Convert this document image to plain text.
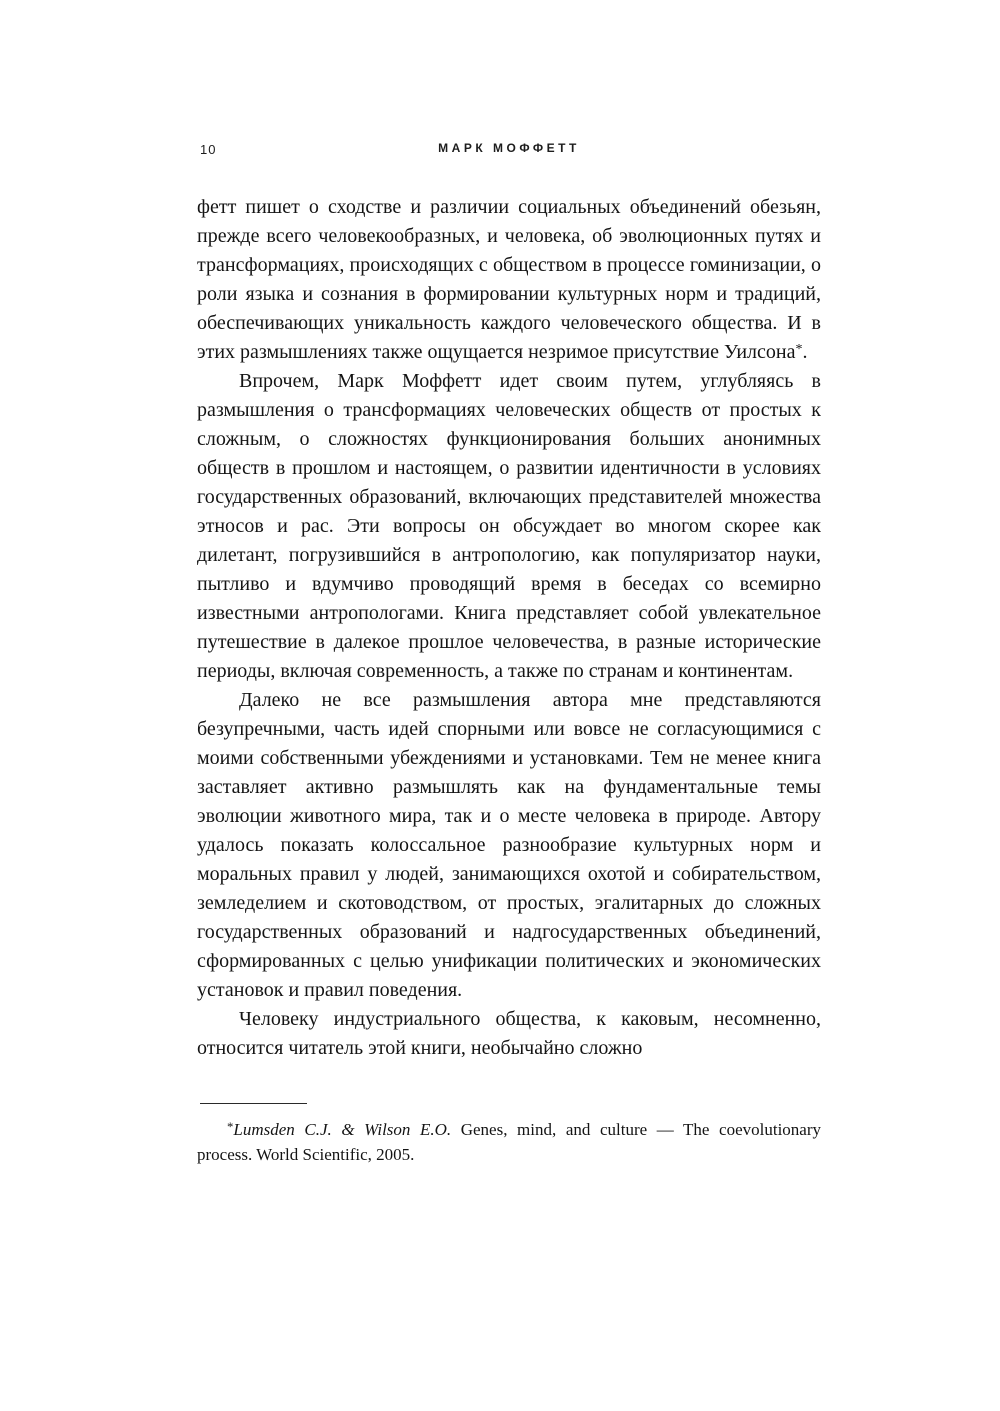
10	МАРК МОФФЕТТ

фетт пишет о сходстве и различии социальных объединений обезьян, прежде всего человекообразных, и человека, об эволюционных путях и трансформациях, происходящих с обществом в процессе гоминизации, о роли языка и сознания в формировании культурных норм и традиций, обеспечивающих уникальность каждого человеческого общества. И в этих размышлениях также ощущается незримое присутствие Уилсона*.

Впрочем, Марк Моффетт идет своим путем, углубляясь в размышления о трансформациях человеческих обществ от простых к сложным, о сложностях функционирования больших анонимных обществ в прошлом и настоящем, о развитии идентичности в условиях государственных образований, включающих представителей множества этносов и рас. Эти вопросы он обсуждает во многом скорее как дилетант, погрузившийся в антропологию, как популяризатор науки, пытливо и вдумчиво проводящий время в беседах со всемирно известными антропологами. Книга представляет собой увлекательное путешествие в далекое прошлое человечества, в разные исторические периоды, включая современность, а также по странам и континентам.

Далеко не все размышления автора мне представляются безупречными, часть идей спорными или вовсе не согласующимися с моими собственными убеждениями и установками. Тем не менее книга заставляет активно размышлять как на фундаментальные темы эволюции животного мира, так и о месте человека в природе. Автору удалось показать колоссальное разнообразие культурных норм и моральных правил у людей, занимающихся охотой и собирательством, земледелием и скотоводством, от простых, эгалитарных до сложных государственных образований и надгосударственных объединений, сформированных с целью унификации политических и экономических установок и правил поведения.

Человеку индустриального общества, к каковым, несомненно, относится читатель этой книги, необычайно сложно

*Lumsden C.J. & Wilson E.O. Genes, mind, and culture — The coevolutionary process. World Scientific, 2005.
